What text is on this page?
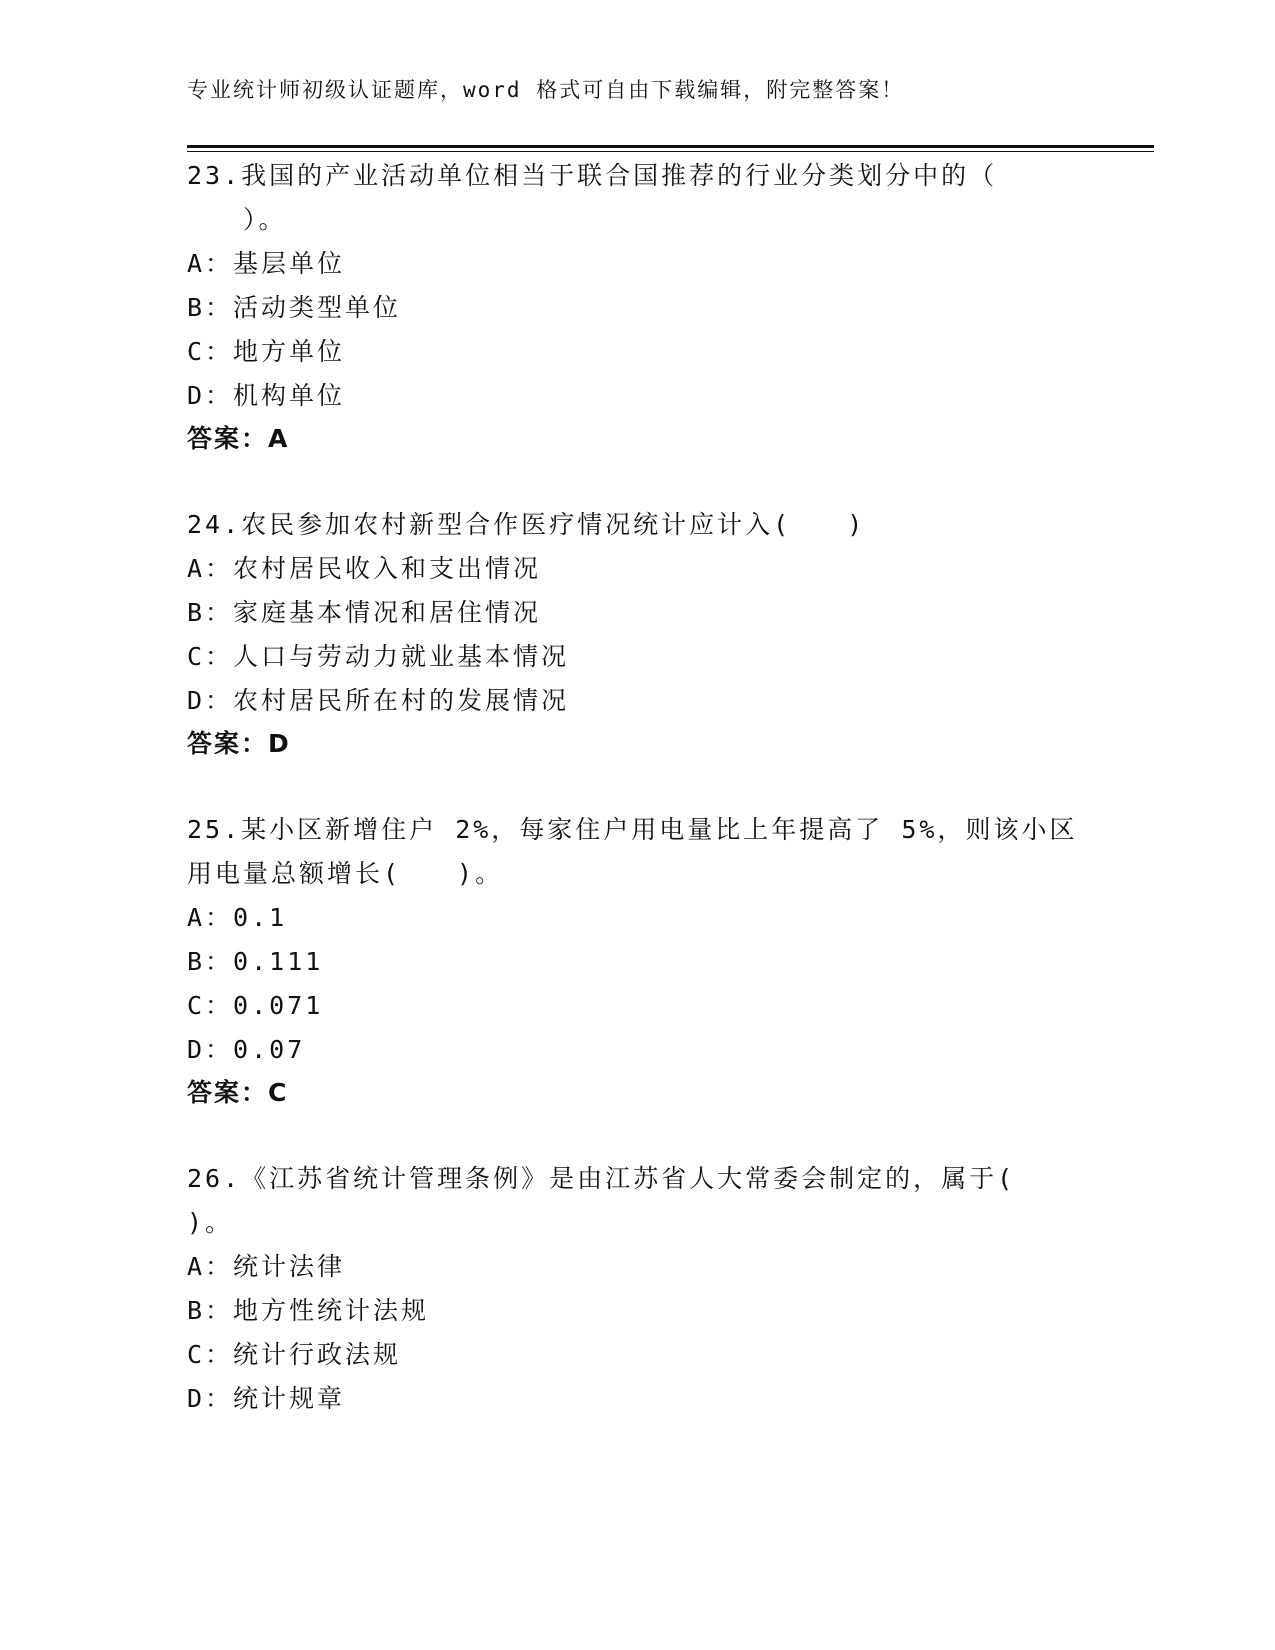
专业统计师初级认证题库，word 格式可自由下载编辑，附完整答案！
23.我国的产业活动单位相当于联合国推荐的行业分类划分中的（
　　）。
A：基层单位
B：活动类型单位
C：地方单位
D：机构单位
答案：A
24.农民参加农村新型合作医疗情况统计应计入(　　)
A：农村居民收入和支出情况
B：家庭基本情况和居住情况
C：人口与劳动力就业基本情况
D：农村居民所在村的发展情况
答案：D
25.某小区新增住户 2%，每家住户用电量比上年提高了 5%，则该小区
用电量总额增长(　　)。
A：0.1
B：0.111
C：0.071
D：0.07
答案：C
26.《江苏省统计管理条例》是由江苏省人大常委会制定的，属于(
)。
A：统计法律
B：地方性统计法规
C：统计行政法规
D：统计规章
